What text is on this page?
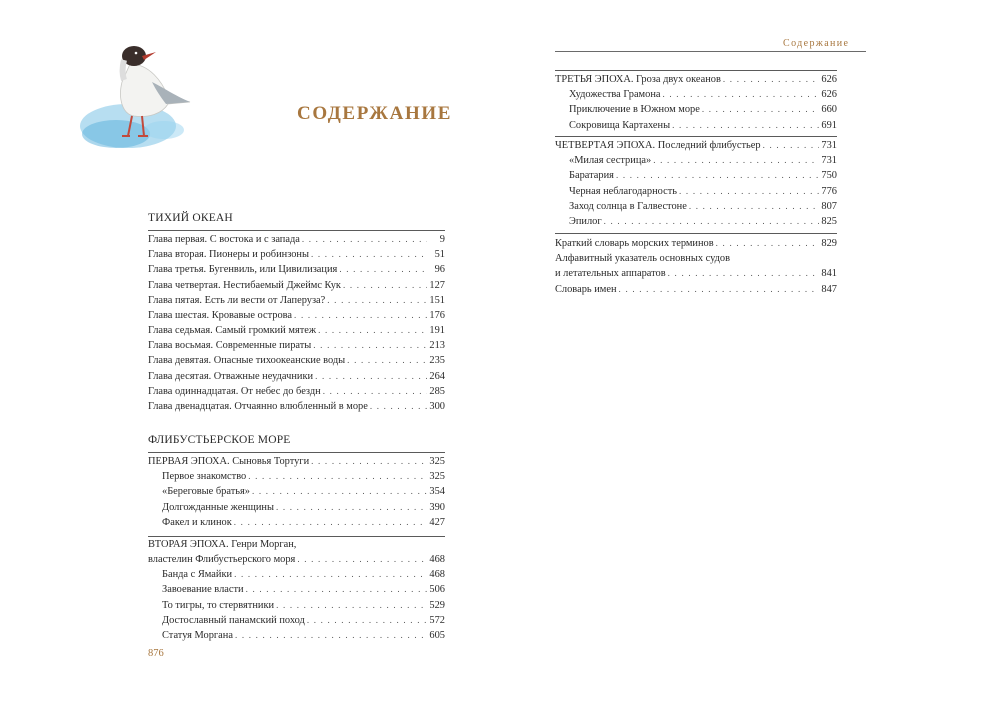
СОДЕРЖАНИЕ
ТИХИЙ ОКЕАН
Глава первая. С востока и с запада . . .	9
Глава вторая. Пионеры и робинзоны . . .	51
Глава третья. Бугенвиль, или Цивилизация . . .	96
Глава четвертая. Нестибаемый Джеймс Кук . . .	127
Глава пятая. Есть ли вести от Лаперуза? . . .	151
Глава шестая. Кровавые острова . . .	176
Глава седьмая. Самый громкий мятеж . . .	191
Глава восьмая. Современные пираты . . .	213
Глава девятая. Опасные тихоокеанские воды . . .	235
Глава десятая. Отважные неудачники . . .	264
Глава одиннадцатая. От небес до бездн . . .	285
Глава двенадцатая. Отчаянно влюбленный в море . . .	300
ФЛИБУСТЬЕРСКОЕ МОРЕ
ПЕРВАЯ ЭПОХА. Сыновья Тортуги . . .	325
Первое знакомство . . .	325
«Береговые братья» . . .	354
Долгожданные женщины . . .	390
Факел и клинок . . .	427
ВТОРАЯ ЭПОХА. Генри Морган,
властелин Флибустьерского моря . . .	468
Банда с Ямайки . . .	468
Завоевание власти . . .	506
То тигры, то стервятники . . .	529
Достославный панамский поход . . .	572
Статуя Моргана . . .	605
876
Содержание
ТРЕТЬЯ ЭПОХА. Гроза двух океанов . . .	626
Художества Грамона . . .	626
Приключение в Южном море . . .	660
Сокровища Картахены . . .	691
ЧЕТВЕРТАЯ ЭПОХА. Последний флибустьер . . .	731
«Милая сестрица» . . .	731
Баратария . . .	750
Черная неблагодарность . . .	776
Заход солнца в Галвестоне . . .	807
Эпилог . . .	825
Краткий словарь морских терминов . . .	829
Алфавитный указатель основных судов
и летательных аппаратов . . .	841
Словарь имен . . .	847
